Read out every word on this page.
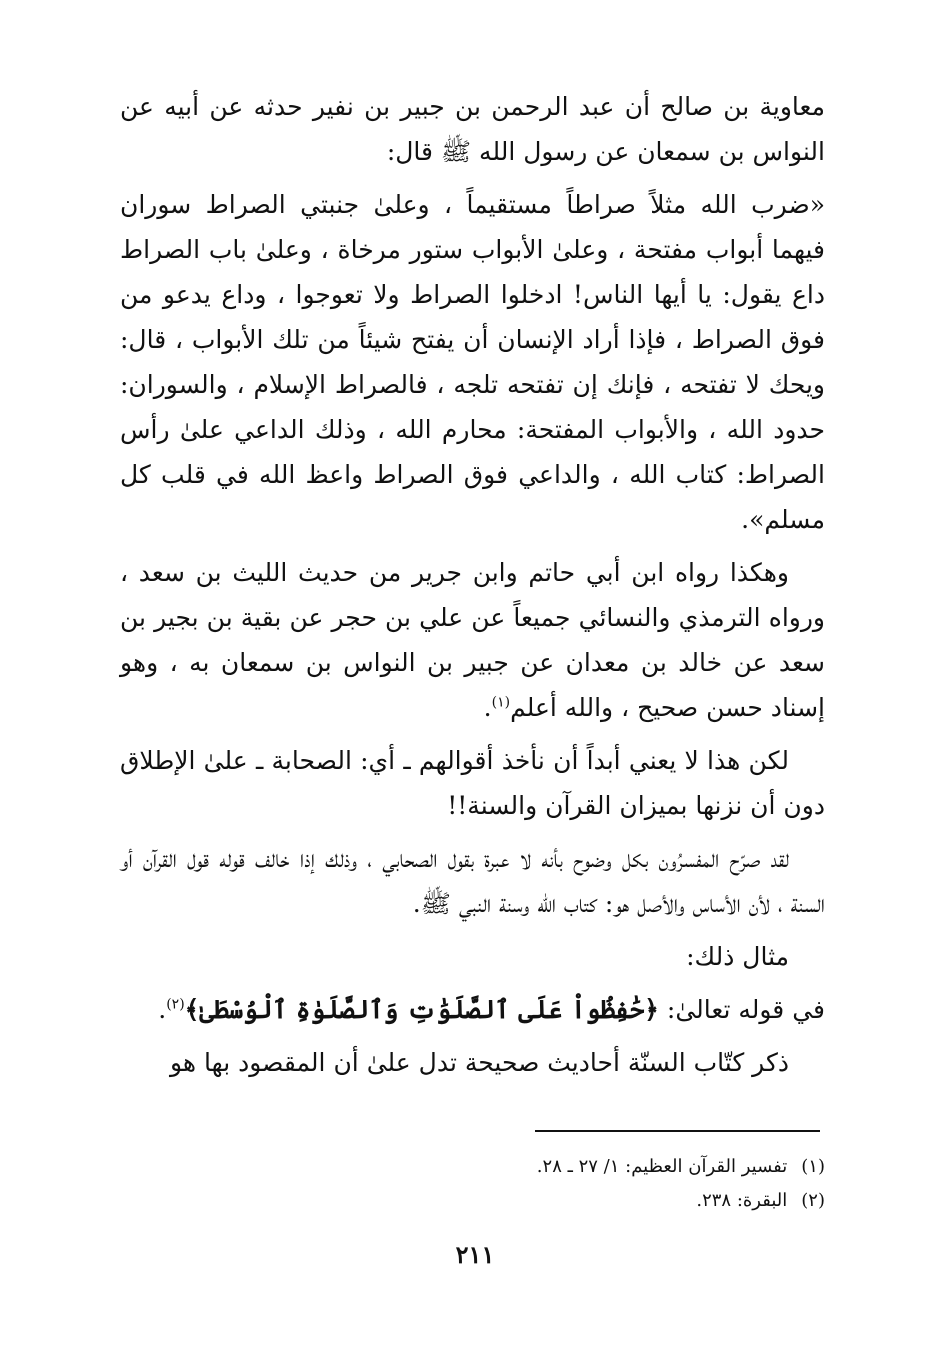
معاوية بن صالح أن عبد الرحمن بن جبير بن نفير حدثه عن أبيه عن النواس بن سمعان عن رسول الله ﷺ قال:

«ضرب الله مثلاً صراطاً مستقيماً ، وعلىٰ جنبتي الصراط سوران فيهما أبواب مفتحة ، وعلىٰ الأبواب ستور مرخاة ، وعلىٰ باب الصراط داع يقول: يا أيها الناس! ادخلوا الصراط ولا تعوجوا ، وداع يدعو من فوق الصراط ، فإذا أراد الإنسان أن يفتح شيئاً من تلك الأبواب ، قال: ويحك لا تفتحه ، فإنك إن تفتحه تلجه ، فالصراط الإسلام ، والسوران: حدود الله ، والأبواب المفتحة: محارم الله ، وذلك الداعي علىٰ رأس الصراط: كتاب الله ، والداعي فوق الصراط واعظ الله في قلب كل مسلم».

وهكذا رواه ابن أبي حاتم وابن جرير من حديث الليث بن سعد ، ورواه الترمذي والنسائي جميعاً عن علي بن حجر عن بقية بن بجير بن سعد عن خالد بن معدان عن جبير بن النواس بن سمعان به ، وهو إسناد حسن صحيح ، والله أعلم$^{(١)}$.

لكن هذا لا يعني أبداً أن نأخذ أقوالهم ـ أي: الصحابة ـ علىٰ الإطلاق دون أن نزنها بميزان القرآن والسنة!!

لقد صرّح المفسرُون بكل وضوح بأنه لا عبرة بقول الصحابي ، وذلك إذا خالف قوله قول القرآن أو السنة ، لأن الأساس والأصل هو: كتاب الله وسنة النبي ﷺ.

مثال ذلك:

في قوله تعالىٰ: ﴿حَٰفِظُواْ عَلَى ٱلصَّلَوَٰتِ وَٱلصَّلَوٰةِ ٱلْوُسْطَىٰ﴾$^{(٢)}$.

ذكر كتّاب السنّة أحاديث صحيحة تدل علىٰ أن المقصود بها هو

(١)
تفسير القرآن العظيم: ١/ ٢٧ ـ ٢٨.
(٢)
البقرة: ٢٣٨.
٢١١
